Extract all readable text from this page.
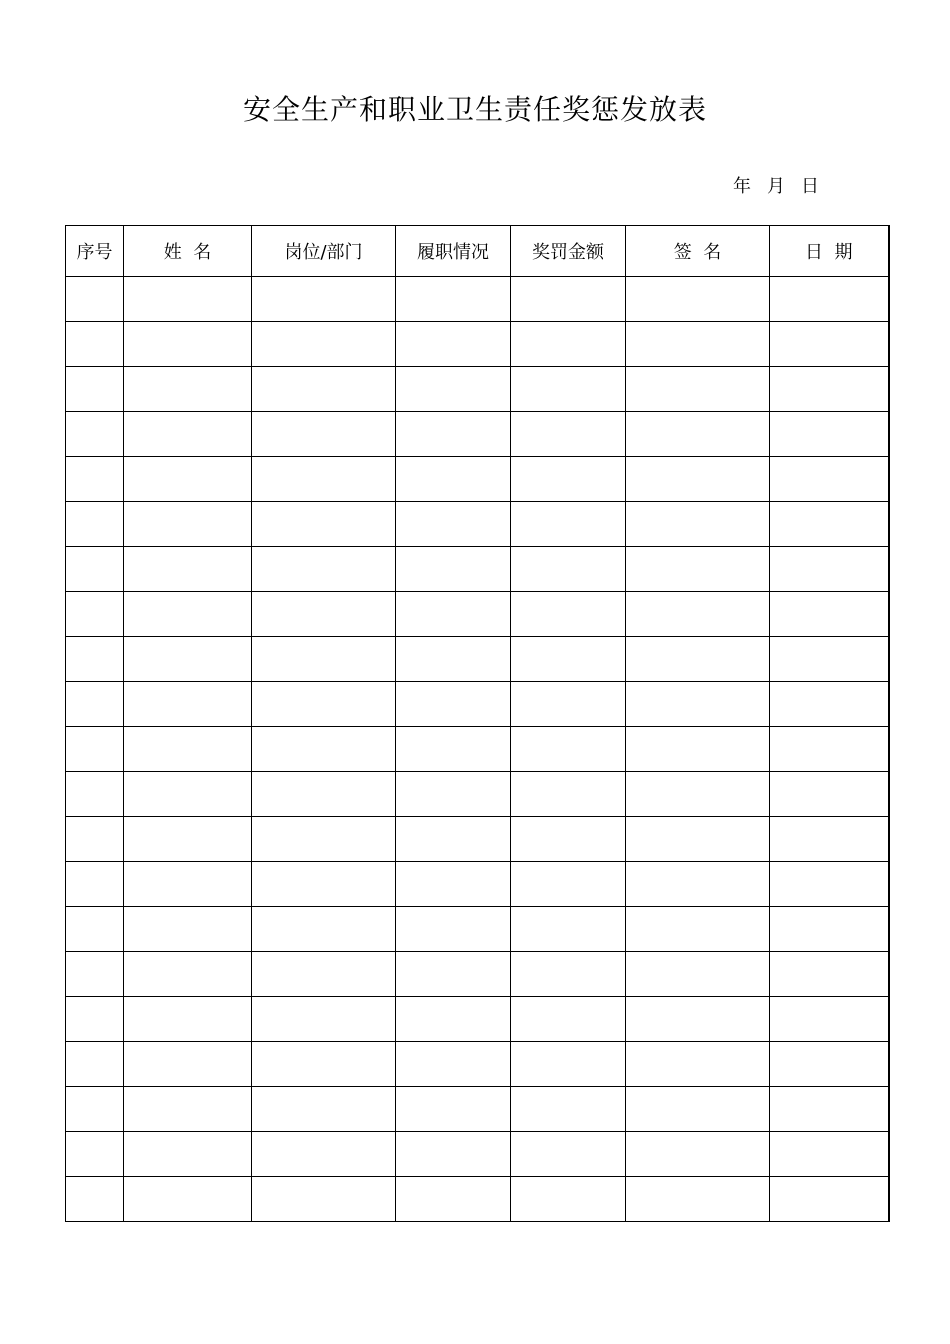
安全生产和职业卫生责任奖惩发放表
年 月 日
序号	姓  名	岗位/部门	履职情况	奖罚金额	签  名	日  期
